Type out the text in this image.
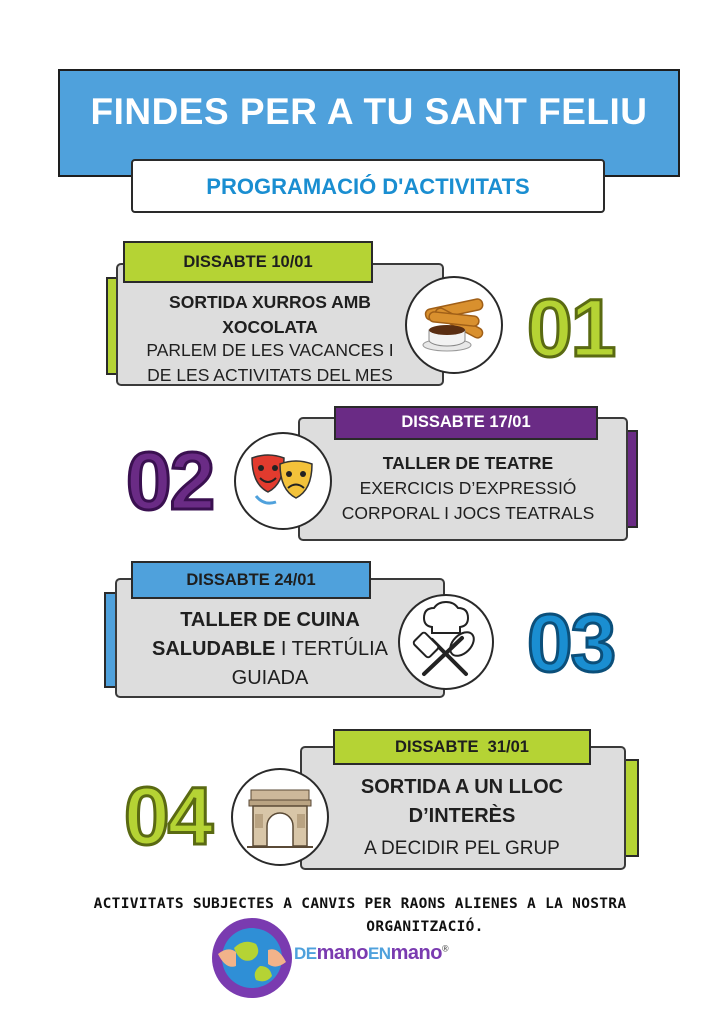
FINDES PER A TU SANT FELIU
PROGRAMACIÓ D'ACTIVITATS
DISSABTE 10/01
SORTIDA XURROS AMB
XOCOLATA
PARLEM DE LES VACANCES I
DE LES ACTIVITATS DEL MES
01
DISSABTE 17/01
TALLER DE TEATRE
EXERCICIS D’EXPRESSIÓ
CORPORAL I JOCS TEATRALS
02
DISSABTE 24/01
TALLER DE CUINA
SALUDABLE I TERTÚLIA
GUIADA	03
DISSABTE  31/01
SORTIDA A UN LLOC
D’INTERÈS
A DECIDIR PEL GRUP
04
ACTIVITATS SUBJECTES A CANVIS PER RAONS ALIENES A LA NOSTRA
ORGANITZACIÓ.
DEmanoENmano®
